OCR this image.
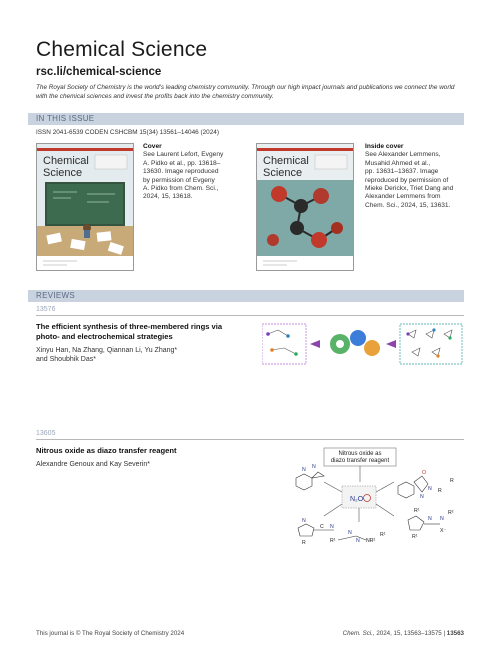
Chemical Science
rsc.li/chemical-science
The Royal Society of Chemistry is the world's leading chemistry community. Through our high impact journals and publications we connect the world with the chemical sciences and invest the profits back into the chemistry community.
IN THIS ISSUE
ISSN 2041-6539 CODEN CSHCBM 15(34) 13561–14046 (2024)
Chemical
Science
Cover
See Laurent Lefort, Evgeny
A. Pidko et al., pp. 13618–
13630. Image reproduced
by permission of Evgeny
A. Pidko from Chem. Sci.,
2024, 15, 13618.
Chemical
Science
Inside cover
See Alexander Lemmens,
Musahid Ahmed et al.,
pp. 13631–13637. Image
reproduced by permission of
Mieke Derickx, Triet Dang and
Alexander Lemmens from
Chem. Sci., 2024, 15, 13631.
REVIEWS
13576
The efficient synthesis of three-membered rings via
photo- and electrochemical strategies
Xinyu Han, Na Zhang, Qiannan Li, Yu Zhang*
and Shoubhik Das*
13605
Nitrous oxide as diazo transfer reagent
Alexandre Genoux and Kay Severin*
Nitrous oxide as
diazo transfer reagent
N₂O
N N
R
O
N
N
R
R¹
N N
R²
X⁻
R¹
R
N
C N
R¹
N
N NR²
R¹
This journal is © The Royal Society of Chemistry 2024	Chem. Sci., 2024, 15, 13563–13575 | 13563
